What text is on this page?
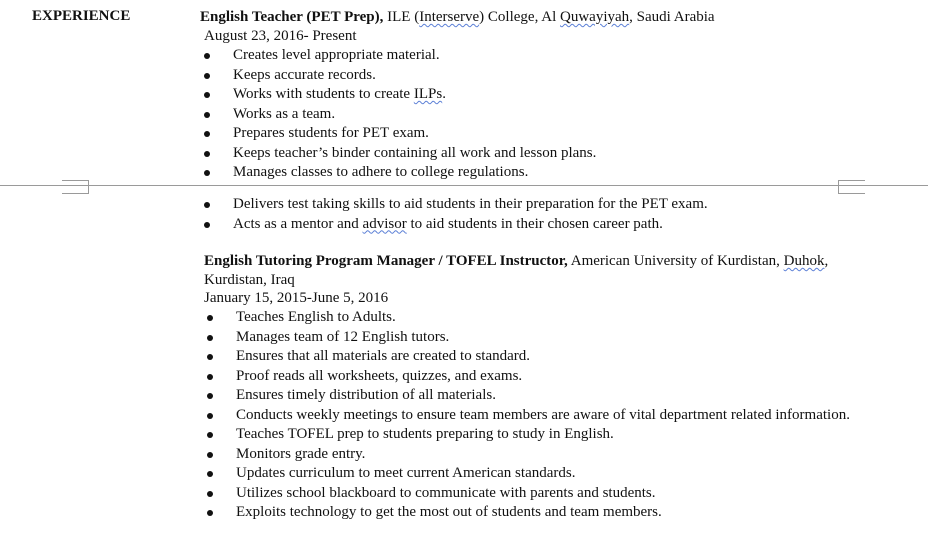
EXPERIENCE	English Teacher (PET Prep), ILE (Interserve) College, Al Quwayiyah, Saudi Arabia
August 23, 2016- Present
Creates level appropriate material.
Keeps accurate records.
Works with students to create ILPs.
Works as a team.
Prepares students for PET exam.
Keeps teacher’s binder containing all work and lesson plans.
Manages classes to adhere to college regulations.
Delivers test taking skills to aid students in their preparation for the PET exam.
Acts as a mentor and advisor to aid students in their chosen career path.
English Tutoring Program Manager / TOFEL Instructor, American University of Kurdistan, Duhok,
Kurdistan, Iraq
January 15, 2015-June 5, 2016
Teaches English to Adults.
Manages team of 12 English tutors.
Ensures that all materials are created to standard.
Proof reads all worksheets, quizzes, and exams.
Ensures timely distribution of all materials.
Conducts weekly meetings to ensure team members are aware of vital department related information.
Teaches TOFEL prep to students preparing to study in English.
Monitors grade entry.
Updates curriculum to meet current American standards.
Utilizes school blackboard to communicate with parents and students.
Exploits technology to get the most out of students and team members.
